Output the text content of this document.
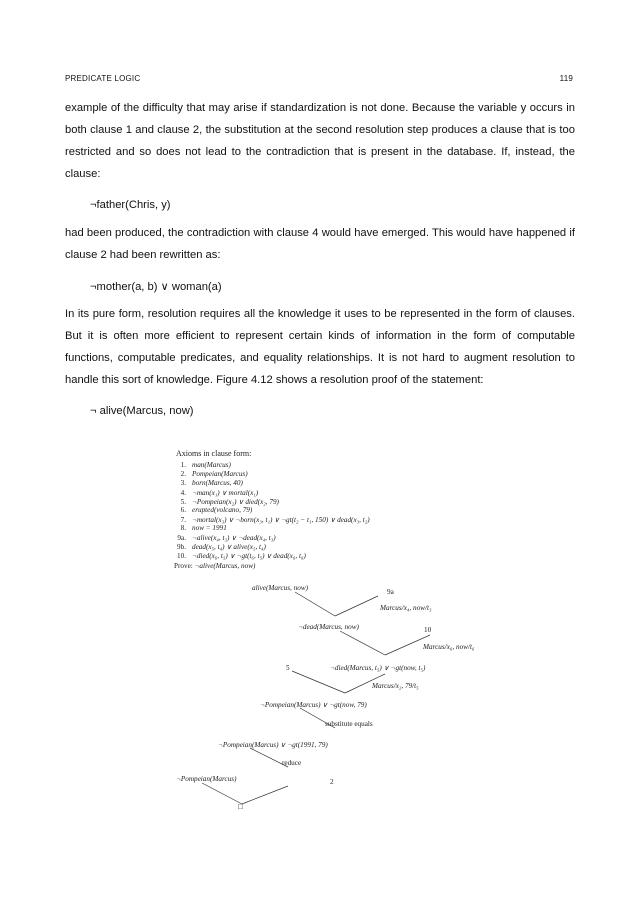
PREDICATE LOGIC	119

example of the difficulty that may arise if standardization is not done. Because the variable y occurs in both clause 1 and clause 2, the substitution at the second resolution step produces a clause that is too restricted and so does not lead to the contradiction that is present in the database. If, instead, the clause:

¬father(Chris, y)

had been produced, the contradiction with clause 4 would have emerged. This would have happened if clause 2 had been rewritten as:

¬mother(a, b) ∨ woman(a)

In its pure form, resolution requires all the knowledge it uses to be represented in the form of clauses. But it is often more efficient to represent certain kinds of information in the form of computable functions, computable predicates, and equality relationships. It is not hard to augment resolution to handle this sort of knowledge. Figure 4.12 shows a resolution proof of the statement:

¬ alive(Marcus, now)
Axioms in clause form:
1. man(Marcus)
2. Pompeian(Marcus)
3. born(Marcus, 40)
4. ¬man(x₁) ∨ mortal(x₁)
5. ¬Pompeian(x₂) ∨ died(x₂, 79)
6. erupted(volcano, 79)
7. ¬mortal(x₃) ∨ ¬born(x₃, t₁) ∨ ¬gt(t₂ − t₁, 150) ∨ dead(x₃, t₂)
8. now = 1991
9a. ¬alive(x₄, t₃) ∨ ¬dead(x₄, t₃)
9b. dead(x₅, t₄) ∨ alive(x₅, t₄)
10. ¬died(x₆, t₅) ∨ ¬gt(t₆, t₅) ∨ dead(x₆, t₆)
Prove: ¬alive(Marcus, now)
alive(Marcus, now)	9a
Marcus/x₄, now/t₃
¬dead(Marcus, now)	10
Marcus/x₆, now/t₆
5	¬died(Marcus, t₅) ∨ ¬gt(now, t₅)
Marcus/x₂, 79/t₅
¬Pompeian(Marcus) ∨ ¬gt(now, 79)
substitute equals
¬Pompeian(Marcus) ∨ ¬gt(1991, 79)
reduce
¬Pompeian(Marcus)	2
□
